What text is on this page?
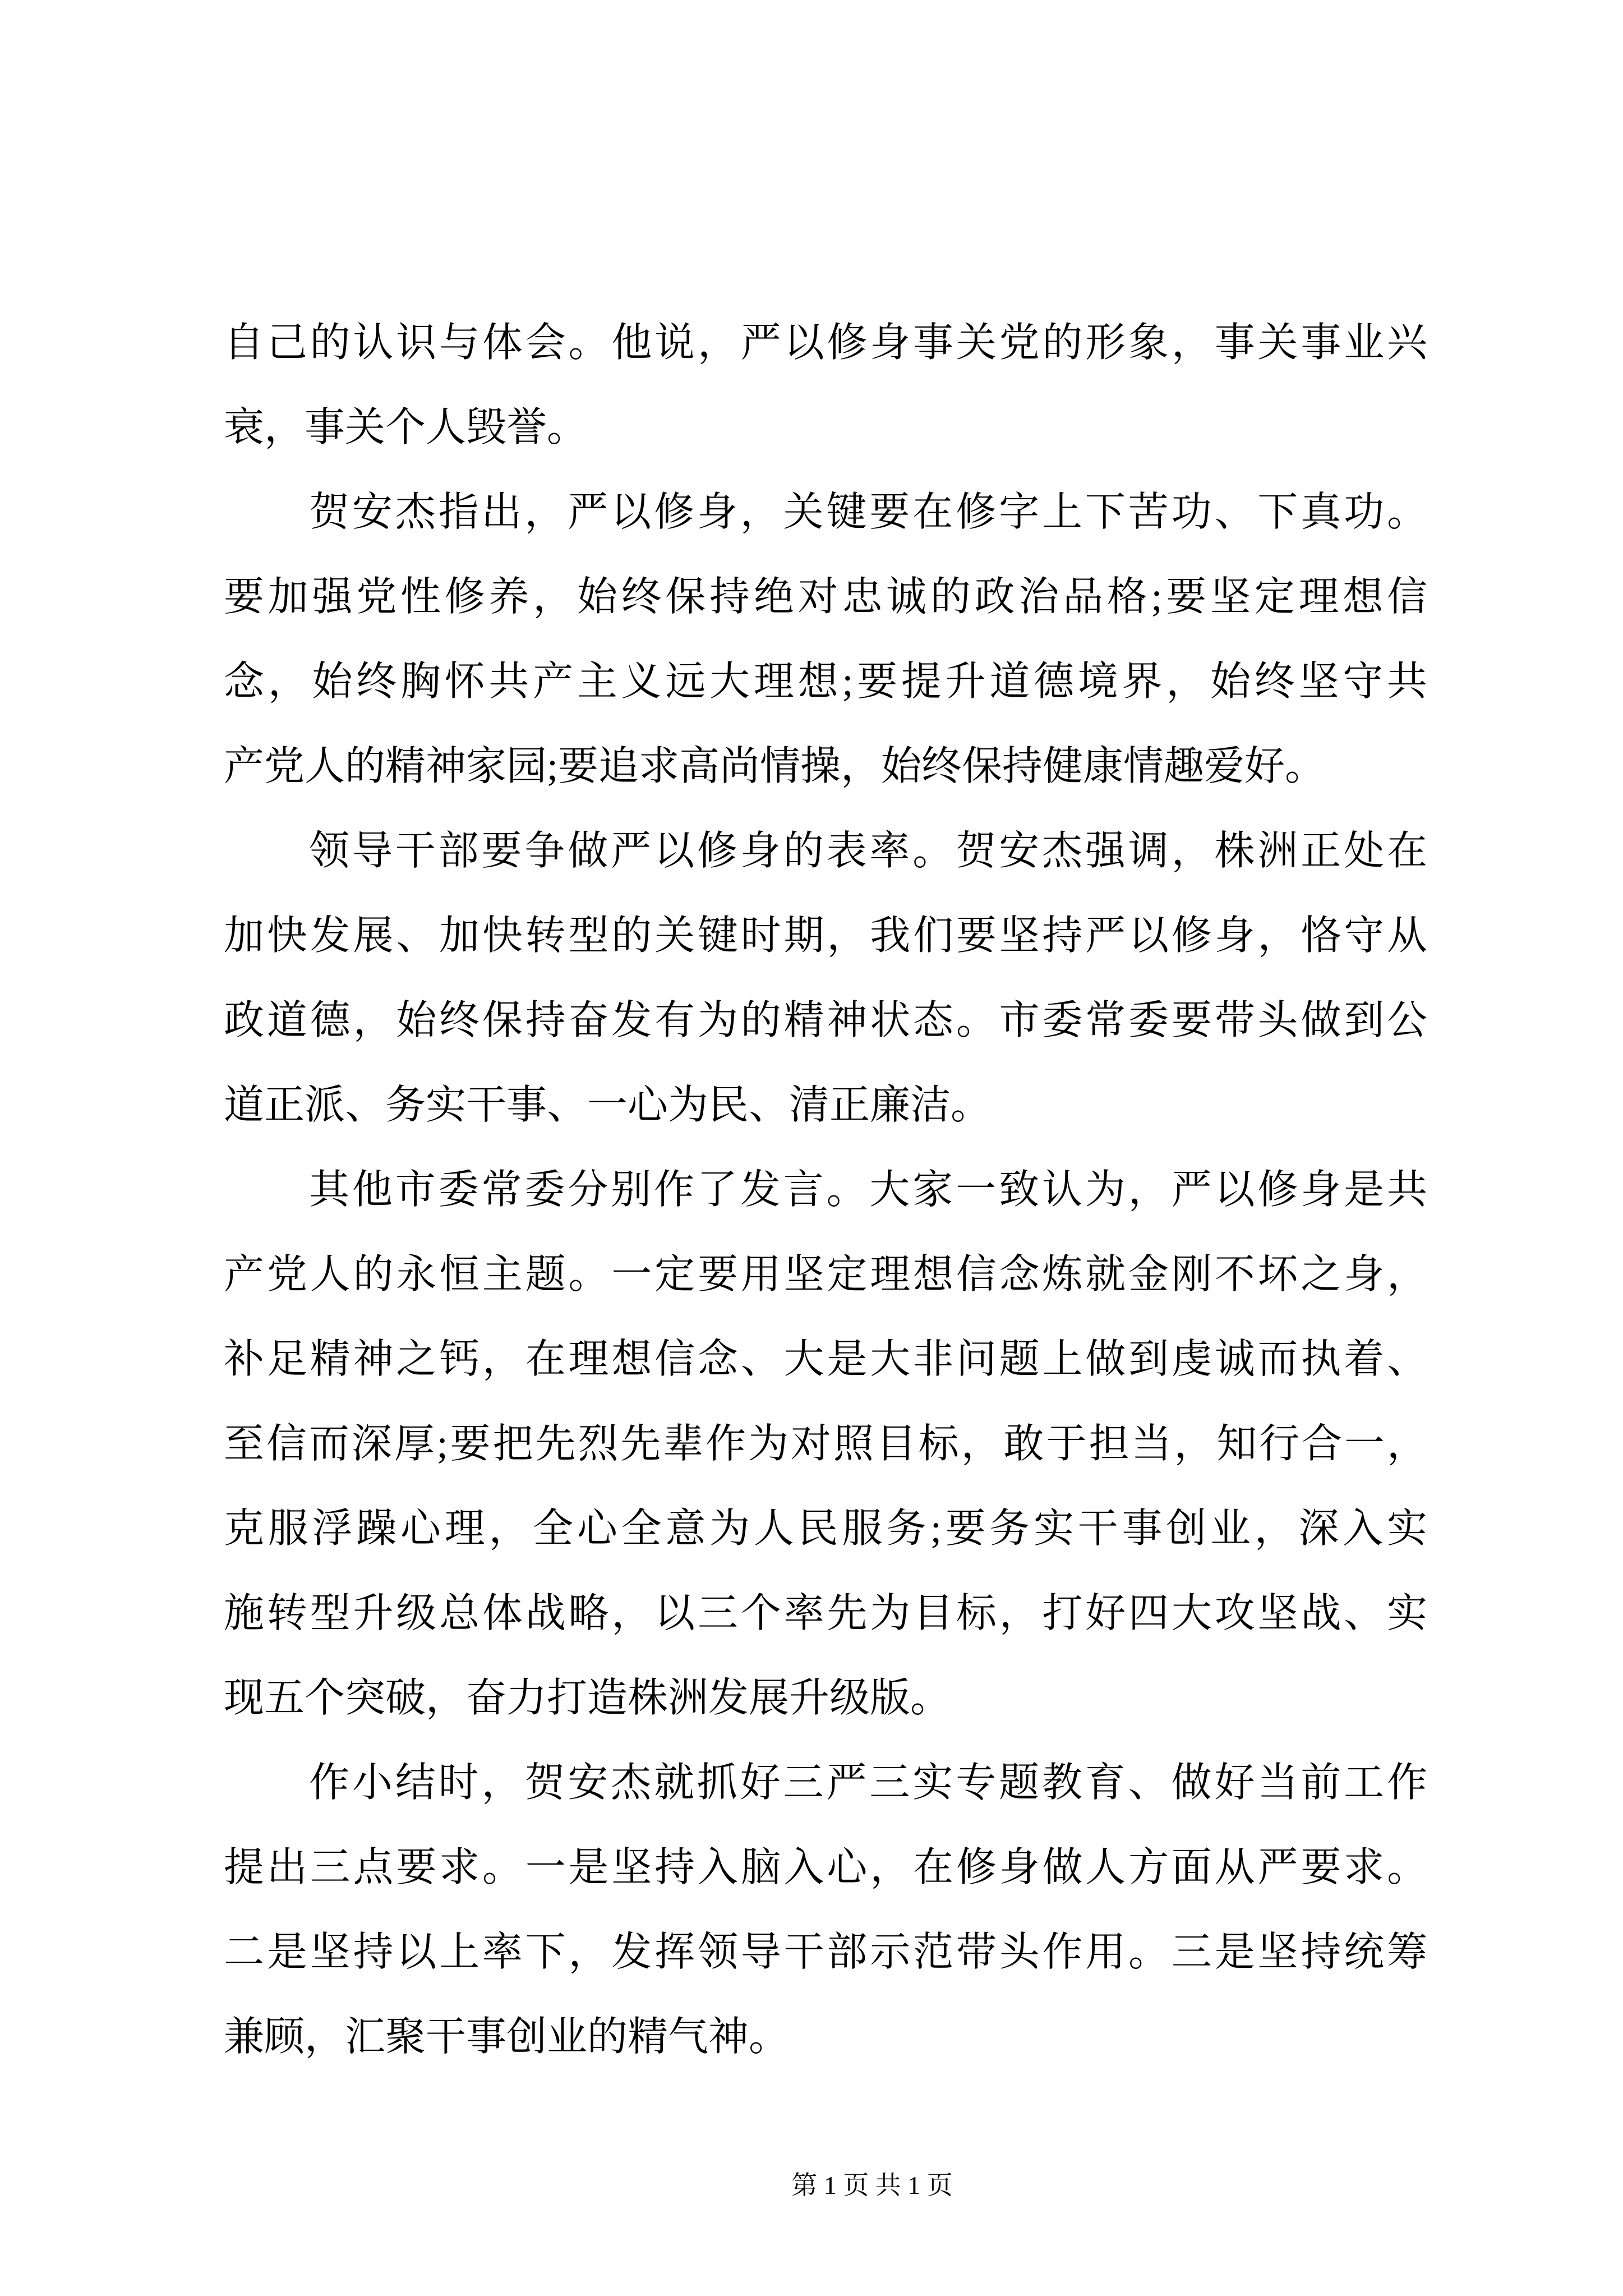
自己的认识与体会。他说，严以修身事关党的形象，事关事业兴
衰，事关个人毁誉。
贺安杰指出，严以修身，关键要在修字上下苦功、下真功。
要加强党性修养，始终保持绝对忠诚的政治品格;要坚定理想信
念，始终胸怀共产主义远大理想;要提升道德境界，始终坚守共
产党人的精神家园;要追求高尚情操，始终保持健康情趣爱好。
领导干部要争做严以修身的表率。贺安杰强调，株洲正处在
加快发展、加快转型的关键时期，我们要坚持严以修身，恪守从
政道德，始终保持奋发有为的精神状态。市委常委要带头做到公
道正派、务实干事、一心为民、清正廉洁。
其他市委常委分别作了发言。大家一致认为，严以修身是共
产党人的永恒主题。一定要用坚定理想信念炼就金刚不坏之身，
补足精神之钙，在理想信念、大是大非问题上做到虔诚而执着、
至信而深厚;要把先烈先辈作为对照目标，敢于担当，知行合一，
克服浮躁心理，全心全意为人民服务;要务实干事创业，深入实
施转型升级总体战略，以三个率先为目标，打好四大攻坚战、实
现五个突破，奋力打造株洲发展升级版。
作小结时，贺安杰就抓好三严三实专题教育、做好当前工作
提出三点要求。一是坚持入脑入心，在修身做人方面从严要求。
二是坚持以上率下，发挥领导干部示范带头作用。三是坚持统筹
兼顾，汇聚干事创业的精气神。

第 1 页 共 1 页
